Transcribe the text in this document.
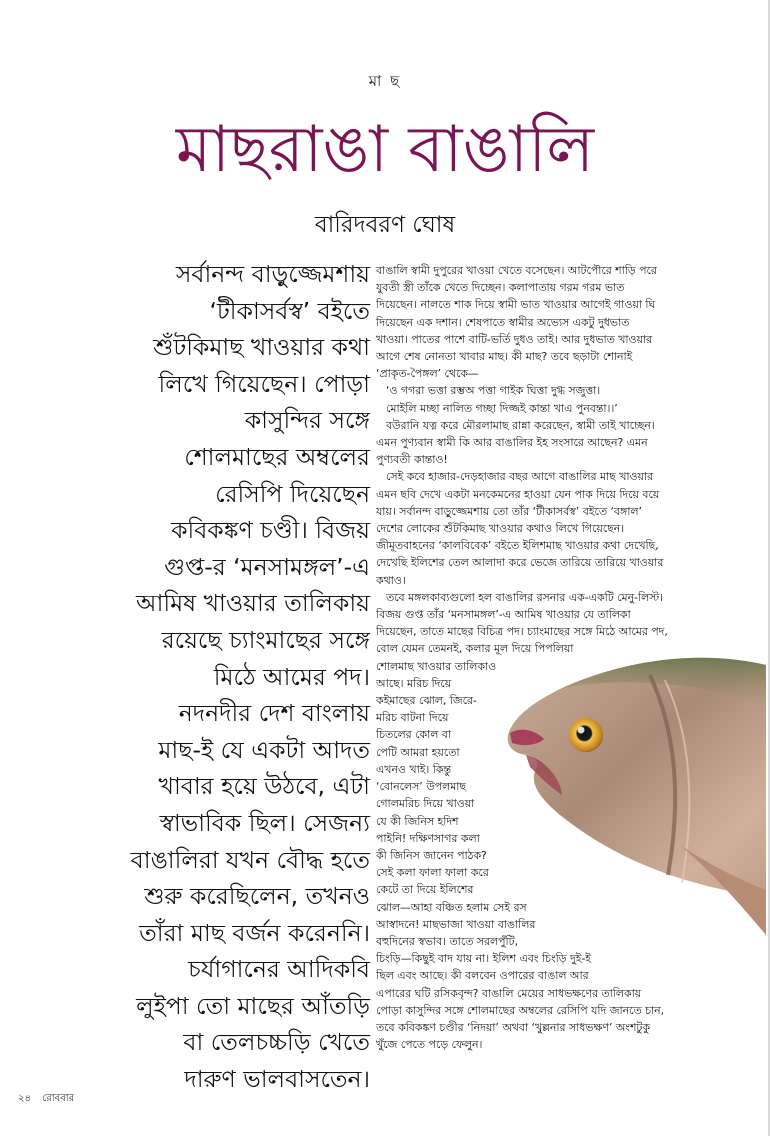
মা ছ
মাছরাঙা বাঙালি
বারিদবরণ ঘোষ
সর্বানন্দ বাড়ুজ্জেমশায়
‘টীকাসর্বস্ব’ বইতে
শুঁটকিমাছ খাওয়ার কথা
লিখে গিয়েছেন। পোড়া
কাসুন্দির সঙ্গে
শোলমাছের অম্বলের
রেসিপি দিয়েছেন
কবিকঙ্কণ চণ্ডী। বিজয়
গুপ্ত-র ‘মনসামঙ্গল’-এ
আমিষ খাওয়ার তালিকায়
রয়েছে চ্যাংমাছের সঙ্গে
মিঠে আমের পদ।
নদনদীর দেশ বাংলায়
মাছ-ই যে একটা আদত
খাবার হয়ে উঠবে, এটা
স্বাভাবিক ছিল। সেজন্য
বাঙালিরা যখন বৌদ্ধ হতে
শুরু করেছিলেন, তখনও
তাঁরা মাছ বর্জন করেননি।
চর্যাগানের আদিকবি
লুইপা তো মাছের আঁতড়ি
বা তেলচচ্চড়ি খেতে
দারুণ ভালবাসতেন।
বাঙালি স্বামী দুপুরের খাওয়া খেতে বসেছেন। আটপৌরে শাড়ি পরে
যুবতী স্ত্রী তাঁকে খেতে দিচ্ছেন। কলাপাতায় গরম গরম ভাত
দিয়েছেন। নালতে শাক দিয়ে স্বামী ভাত খাওয়ার আগেই গাওয়া ঘি
দিয়েছেন এক দশান। শেষপাতে স্বামীর অভ্যেস একটু দুধভাত
খাওয়া। পাতের পাশে বাটি-ভর্তি দুধও তাই। আর দুধভাত খাওয়ার
আগে শেষ নোনতা খাবার মাছ। কী মাছ? তবে ছড়াটা শোনাই
‘প্রাকৃত-পৈঙ্গল’ থেকে—
‘ও গগরা ভত্তা রম্ভঅ পত্তা গাইক ঘিত্তা দুগ্ধ সজুত্তা।
মোইলি মচ্ছা নালিত গচ্ছা দিজ্জই কান্তা খাএ পুনবন্তা।।’
বউরানি যত্ন করে মৌরলামাছ রান্না করেছেন, স্বামী তাই খাচ্ছেন।
এমন পুণ্যবান স্বামী কি আর বাঙালির ইহ সংসারে আছেন? এমন
পুণ্যবতী কান্তাও!
সেই কবে হাজার-দেড়হাজার বছর আগে বাঙালির মাছ খাওয়ার
এমন ছবি দেখে একটা মনকেমনের হাওয়া যেন পাক দিয়ে দিয়ে বয়ে
যায়। সর্বানন্দ বাড়ুজ্জেমশায় তো তাঁর ‘টীকাসর্বস্ব’ বইতে ‘বঙ্গাল’
দেশের লোকের শুঁটকিমাছ খাওয়ার কথাও লিখে গিয়েছেন।
জীমূতবাহনের ‘কালবিবেক’ বইতে ইলিশমাছ খাওয়ার কথা দেখেছি,
দেখেছি ইলিশের তেল আলাদা করে ভেজে তারিয়ে তারিয়ে খাওয়ার
কথাও।
তবে মঙ্গলকাব্যগুলো হল বাঙালির রসনার এক-একটি মেনু-লিস্ট।
বিজয় গুপ্ত তাঁর ‘মনসামঙ্গল’-এ আমিষ খাওয়ার যে তালিকা
দিয়েছেন, তাতে মাছের বিচিত্র পদ। চ্যাংমাছের সঙ্গে মিঠে আমের পদ,
বোল যেমন তেমনই, কলার মূল দিয়ে পিপলিয়া
শোলমাছ খাওয়ার তালিকাও
আছে। মরিচ দিয়ে
কইমাছের ঝোল, জিরে-
মরিচ বাটনা দিয়ে
চিতলের কোল বা
পেটি আমরা হয়তো
এখনও খাই। কিন্তু
‘বোনলেস’ উপলমাছ
গোলমরিচ দিয়ে খাওয়া
যে কী জিনিস হদিশ
পাইনি! দক্ষিণসাগর কলা
কী জিনিস জানেন পাঠক?
সেই কলা ফালা ফালা করে
কেটে তা দিয়ে ইলিশের
ঝোল—আহা বঞ্চিত হলাম সেই রস
আস্বাদনে! মাছভাজা খাওয়া বাঙালির
বহুদিনের স্বভাব। তাতে সরলপুঁটি,
চিংড়ি—কিছুই বাদ যায় না। ইলিশ এবং চিংড়ি দুই-ই
ছিল এবং আছে। কী বলবেন ওপারের বাঙাল আর
এপারের ঘটি রসিকবৃন্দ? বাঙালি মেয়ের সাধভক্ষণের তালিকায়
পোড়া কাসুন্দির সঙ্গে শোলমাছের অম্বলের রেসিপি যদি জানতে চান,
তবে কবিকঙ্কণ চণ্ডীর ‘নিদয়া’ অথবা ‘খুল্লনার সাধভক্ষণ’ অংশটুকু
খুঁজে পেতে পড়ে ফেলুন।
২৪ রোববার
